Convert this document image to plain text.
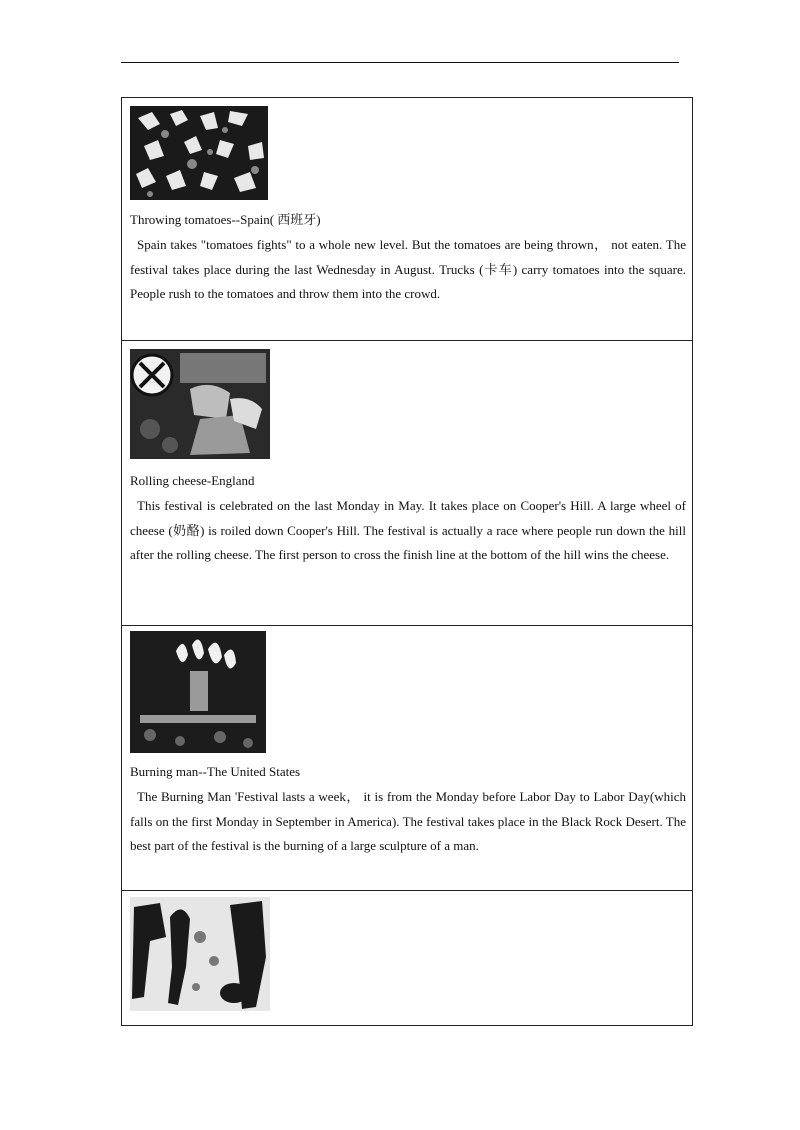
Throwing tomatoes--Spain( 西班牙)
Spain takes "tomatoes fights" to a whole new level. But the tomatoes are being thrown， not eaten. The festival takes place during the last Wednesday in August. Trucks (卡车) carry tomatoes into the square. People rush to the tomatoes and throw them into the crowd.
Rolling cheese-England
This festival is celebrated on the last Monday in May. It takes place on Cooper's Hill. A large wheel of cheese (奶酪) is roiled down Cooper's Hill. The festival is actually a race where people run down the hill after the rolling cheese. The first person to cross the finish line at the bottom of the hill wins the cheese.
Burning man--The United States
The Burning Man 'Festival lasts a week， it is from the Monday before Labor Day to Labor Day(which falls on the first Monday in September in America). The festival takes place in the Black Rock Desert. The best part of the festival is the burning of a large sculpture of a man.
